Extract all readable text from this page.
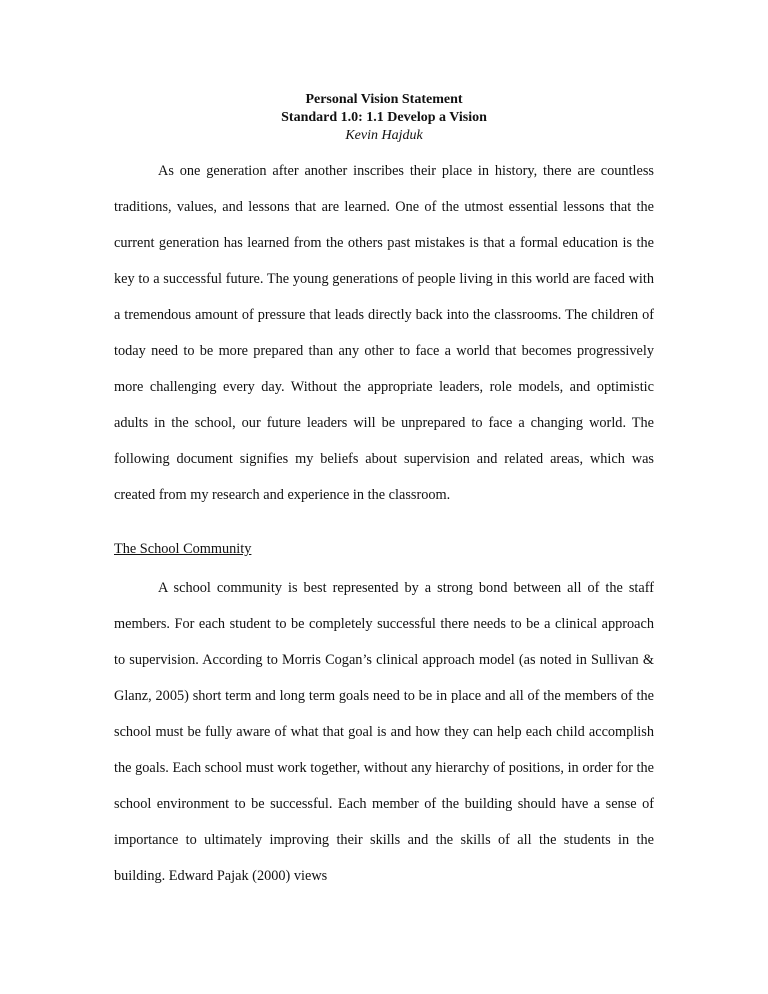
Personal Vision Statement
Standard 1.0: 1.1 Develop a Vision
Kevin Hajduk

As one generation after another inscribes their place in history, there are countless traditions, values, and lessons that are learned. One of the utmost essential lessons that the current generation has learned from the others past mistakes is that a formal education is the key to a successful future. The young generations of people living in this world are faced with a tremendous amount of pressure that leads directly back into the classrooms. The children of today need to be more prepared than any other to face a world that becomes progressively more challenging every day. Without the appropriate leaders, role models, and optimistic adults in the school, our future leaders will be unprepared to face a changing world. The following document signifies my beliefs about supervision and related areas, which was created from my research and experience in the classroom.

The School Community

A school community is best represented by a strong bond between all of the staff members. For each student to be completely successful there needs to be a clinical approach to supervision. According to Morris Cogan’s clinical approach model (as noted in Sullivan & Glanz, 2005) short term and long term goals need to be in place and all of the members of the school must be fully aware of what that goal is and how they can help each child accomplish the goals. Each school must work together, without any hierarchy of positions, in order for the school environment to be successful. Each member of the building should have a sense of importance to ultimately improving their skills and the skills of all the students in the building. Edward Pajak (2000) views
